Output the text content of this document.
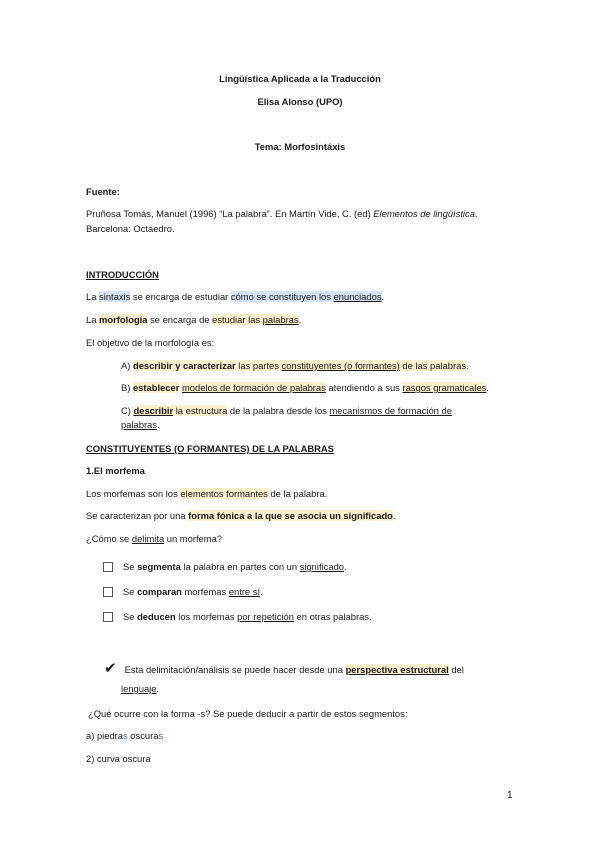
Lingüística Aplicada a la Traducción
Elisa Alonso (UPO)
Tema: Morfosintáxis
Fuente:
Pruñosa Tomás, Manuel (1996) “La palabra”. En Martín Vide, C. (ed) Elementos de lingüística.
Barcelona: Octaedro.
INTRODUCCIÓN
La sintaxis se encarga de estudiar cómo se constituyen los enunciados.
La morfología se encarga de estudiar las palabras.
El objetivo de la morfología es:
A) describir y caracterizar las partes constituyentes (o formantes) de las palabras.
B) establecer modelos de formación de palabras atendiendo a sus rasgos gramaticales.
C) describir la estructura de la palabra desde los mecanismos de formación de
palabras.
CONSTITUYENTES (O FORMANTES) DE LA PALABRAS
1.El morfema
Los morfemas son los elementos formantes de la palabra.
Se caracterizan por una forma fónica a la que se asocia un significado.
¿Cómo se delimita un morfema?
Se segmenta la palabra en partes con un significado.
Se comparan morfemas entre sí.
Se deducen los morfemas por repetición en otras palabras.
✔ Esta delimitación/análisis se puede hacer desde una perspectiva estructural del
lenguaje.
¿Qué ocurre con la forma -s? Se puede deducir a partir de estos segmentos:
a) piedras oscuras
2) curva oscura
1
